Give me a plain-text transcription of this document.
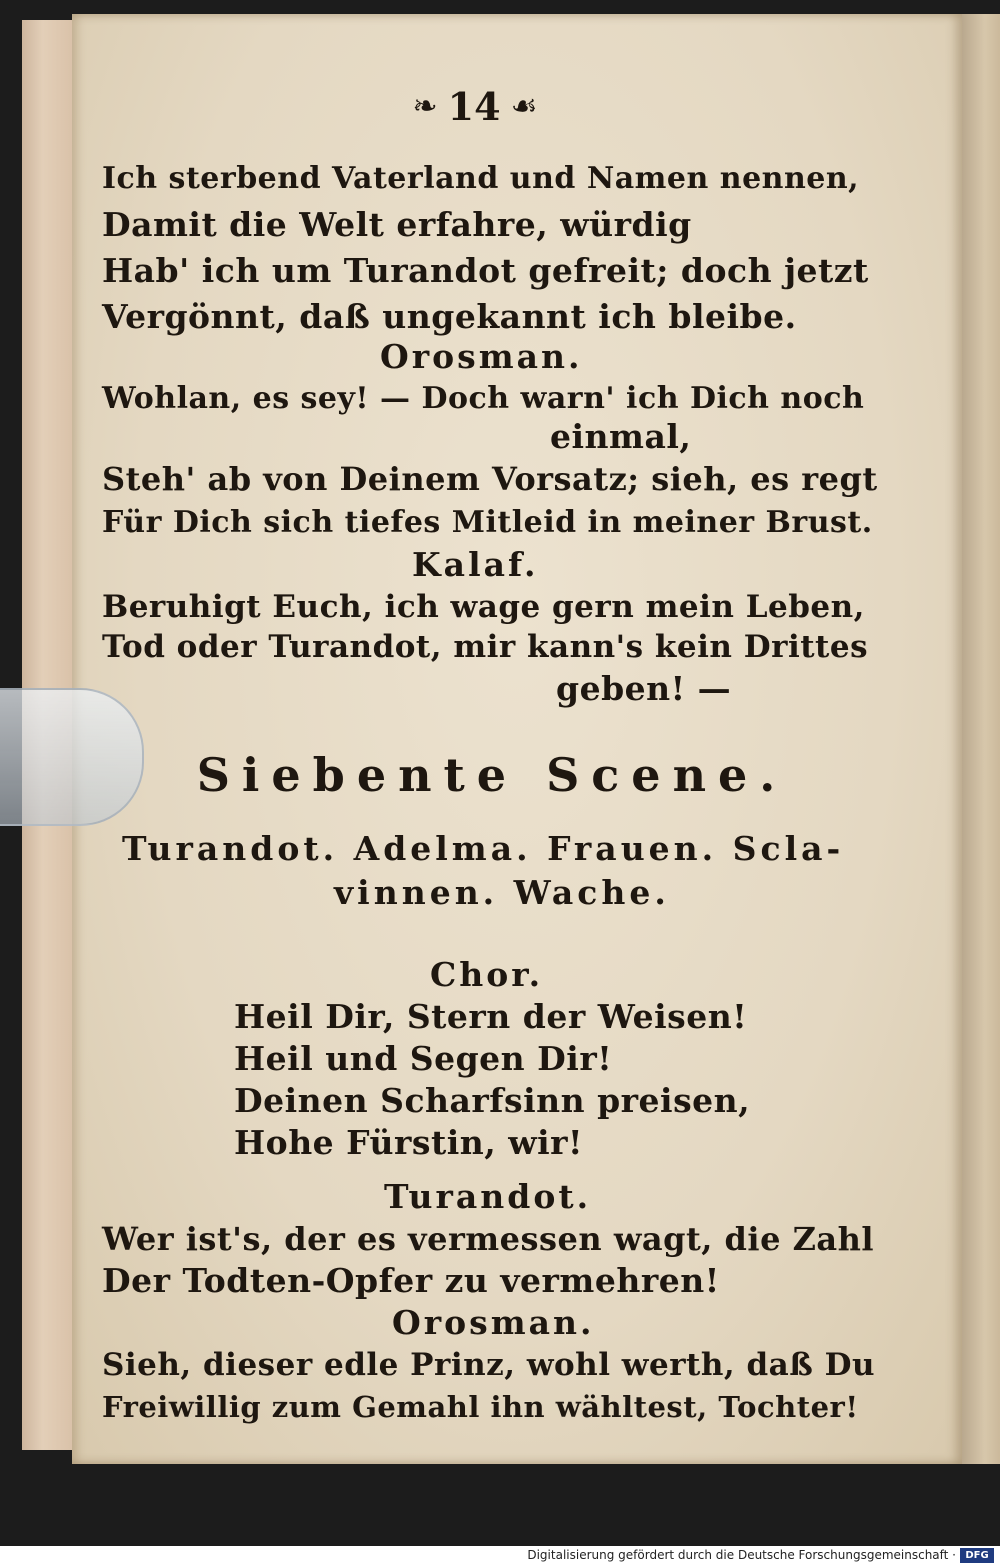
❧ 14 ☙
Ich sterbend Vaterland und Namen nennen,
Damit die Welt erfahre, würdig
Hab' ich um Turandot gefreit; doch jetzt
Vergönnt, daß ungekannt ich bleibe.
Orosman.
Wohlan, es sey! — Doch warn' ich Dich noch
einmal,
Steh' ab von Deinem Vorsatz; sieh, es regt
Für Dich sich tiefes Mitleid in meiner Brust.
Kalaf.
Beruhigt Euch, ich wage gern mein Leben,
Tod oder Turandot, mir kann's kein Drittes
geben! —
Siebente Scene.
Turandot. Adelma. Frauen. Scla-
vinnen. Wache.
Chor.
Heil Dir, Stern der Weisen!
Heil und Segen Dir!
Deinen Scharfsinn preisen,
Hohe Fürstin, wir!
Turandot.
Wer ist's, der es vermessen wagt, die Zahl
Der Todten-Opfer zu vermehren!
Orosman.
Sieh, dieser edle Prinz, wohl werth, daß Du
Freiwillig zum Gemahl ihn wähltest, Tochter!
Digitalisierung gefördert durch die Deutsche Forschungsgemeinschaft · DFG
